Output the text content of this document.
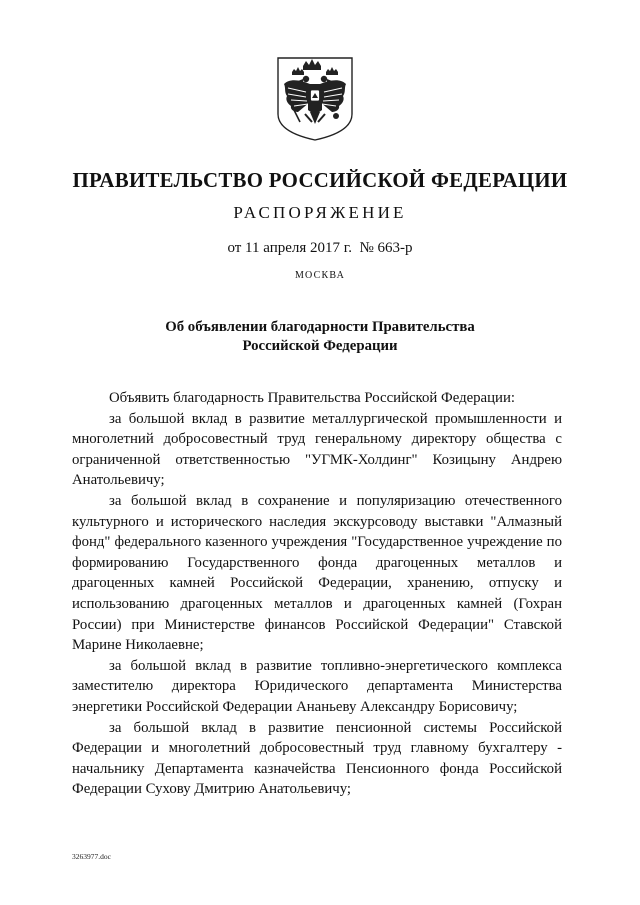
ПРАВИТЕЛЬСТВО РОССИЙСКОЙ ФЕДЕРАЦИИ
РАСПОРЯЖЕНИЕ
от 11 апреля 2017 г.  № 663-р
МОСКВА
Об объявлении благодарности Правительства
Российской Федерации

Объявить благодарность Правительства Российской Федерации:

за большой вклад в развитие металлургической промышленности и многолетний добросовестный труд генеральному директору общества с ограниченной ответственностью "УГМК-Холдинг" Козицыну Андрею Анатольевичу;

за большой вклад в сохранение и популяризацию отечественного культурного и исторического наследия экскурсоводу выставки "Алмазный фонд" федерального казенного учреждения "Государственное учреждение по формированию Государственного фонда драгоценных металлов и драгоценных камней Российской Федерации, хранению, отпуску и использованию драгоценных металлов и драгоценных камней (Гохран России) при Министерстве финансов Российской Федерации" Ставской Марине Николаевне;

за большой вклад в развитие топливно-энергетического комплекса заместителю директора Юридического департамента Министерства энергетики Российской Федерации Ананьеву Александру Борисовичу;

за большой вклад в развитие пенсионной системы Российской Федерации и многолетний добросовестный труд главному бухгалтеру - начальнику Департамента казначейства Пенсионного фонда Российской Федерации Сухову Дмитрию Анатольевичу;

3263977.doc
